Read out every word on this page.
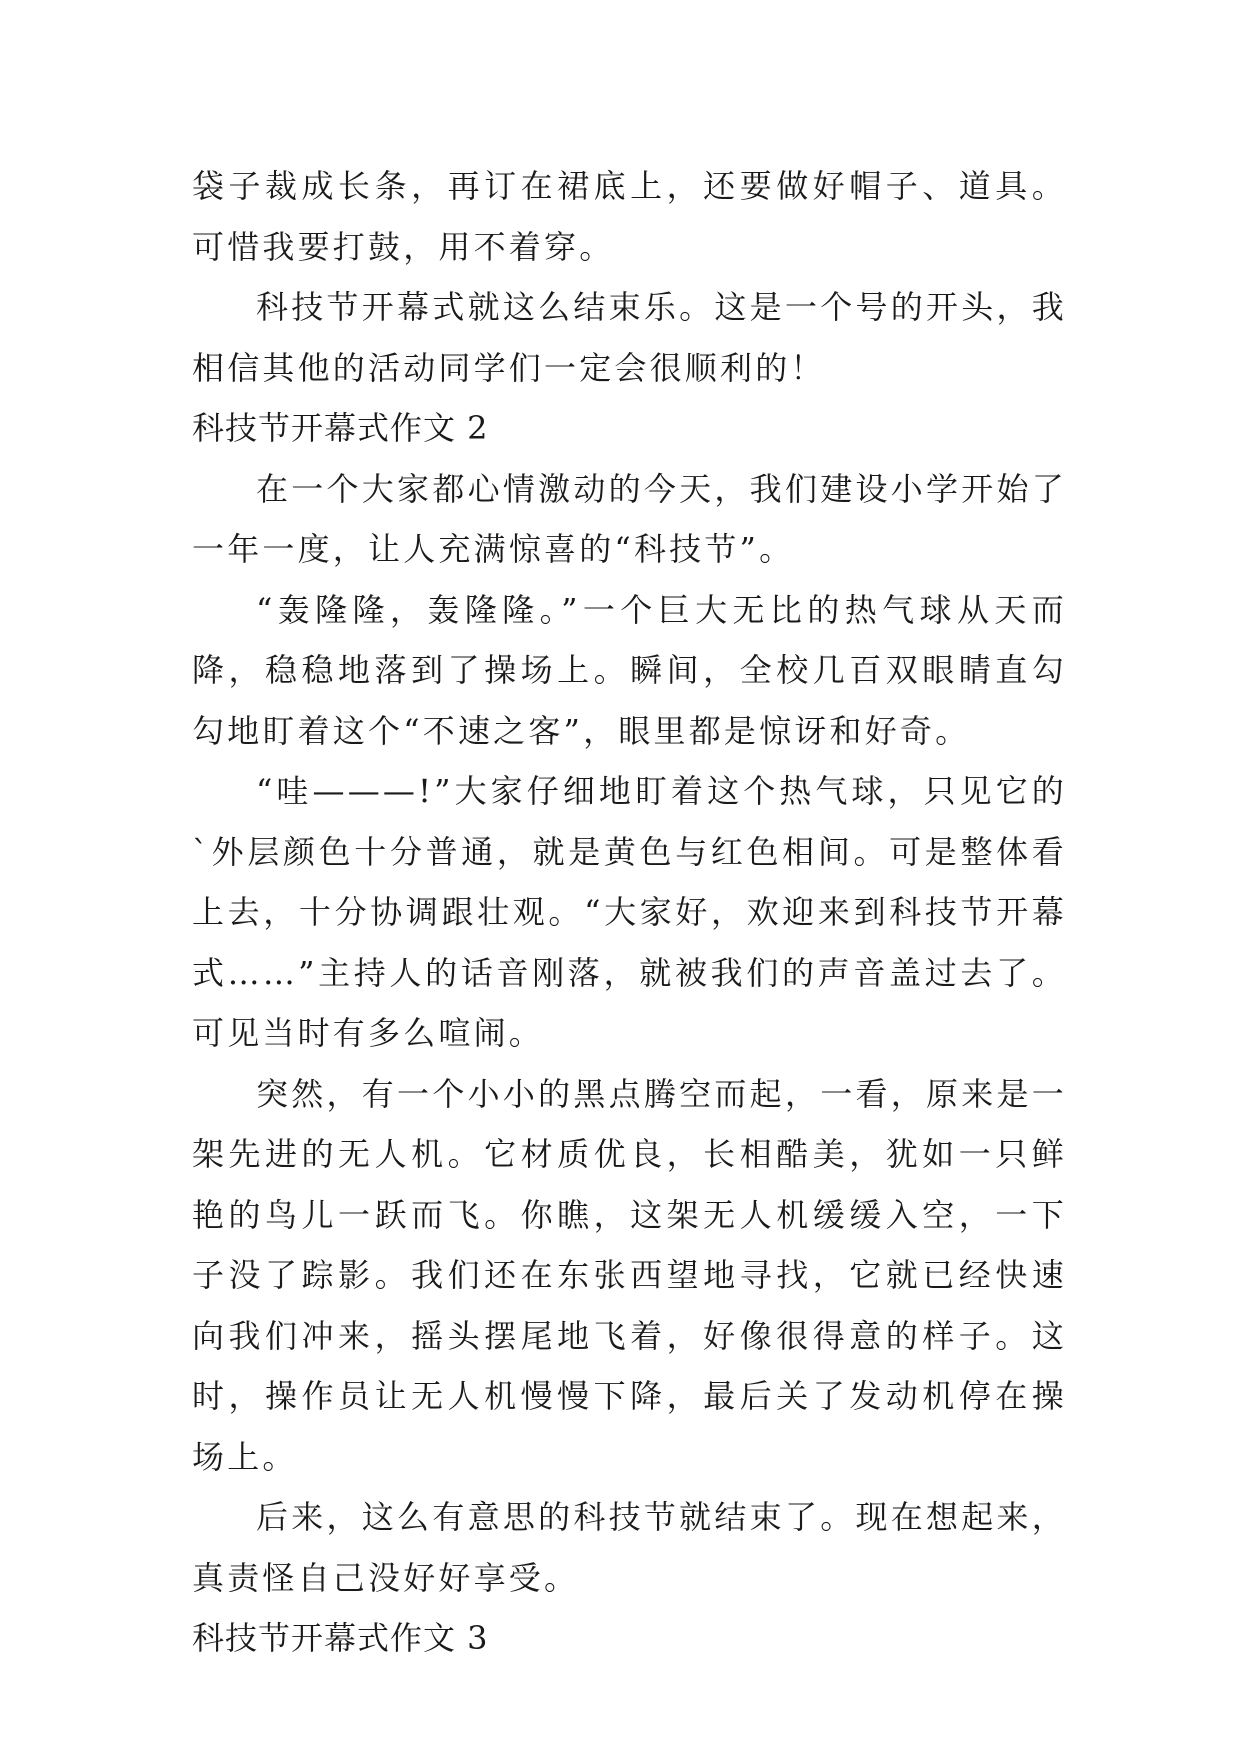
袋子裁成长条，再订在裙底上，还要做好帽子、道具。可惜我要打鼓，用不着穿。

科技节开幕式就这么结束乐。这是一个号的开头，我相信其他的活动同学们一定会很顺利的！

科技节开幕式作文 2

在一个大家都心情激动的今天，我们建设小学开始了一年一度，让人充满惊喜的“科技节”。

“轰隆隆，轰隆隆。”一个巨大无比的热气球从天而降，稳稳地落到了操场上。瞬间，全校几百双眼睛直勾勾地盯着这个“不速之客”，眼里都是惊讶和好奇。

“哇———!”大家仔细地盯着这个热气球，只见它的`外层颜色十分普通，就是黄色与红色相间。可是整体看上去，十分协调跟壮观。“大家好，欢迎来到科技节开幕式……”主持人的话音刚落，就被我们的声音盖过去了。可见当时有多么喧闹。

突然，有一个小小的黑点腾空而起，一看，原来是一架先进的无人机。它材质优良，长相酷美，犹如一只鲜艳的鸟儿一跃而飞。你瞧，这架无人机缓缓入空，一下子没了踪影。我们还在东张西望地寻找，它就已经快速向我们冲来，摇头摆尾地飞着，好像很得意的样子。这时，操作员让无人机慢慢下降，最后关了发动机停在操场上。

后来，这么有意思的科技节就结束了。现在想起来，真责怪自己没好好享受。

科技节开幕式作文 3
